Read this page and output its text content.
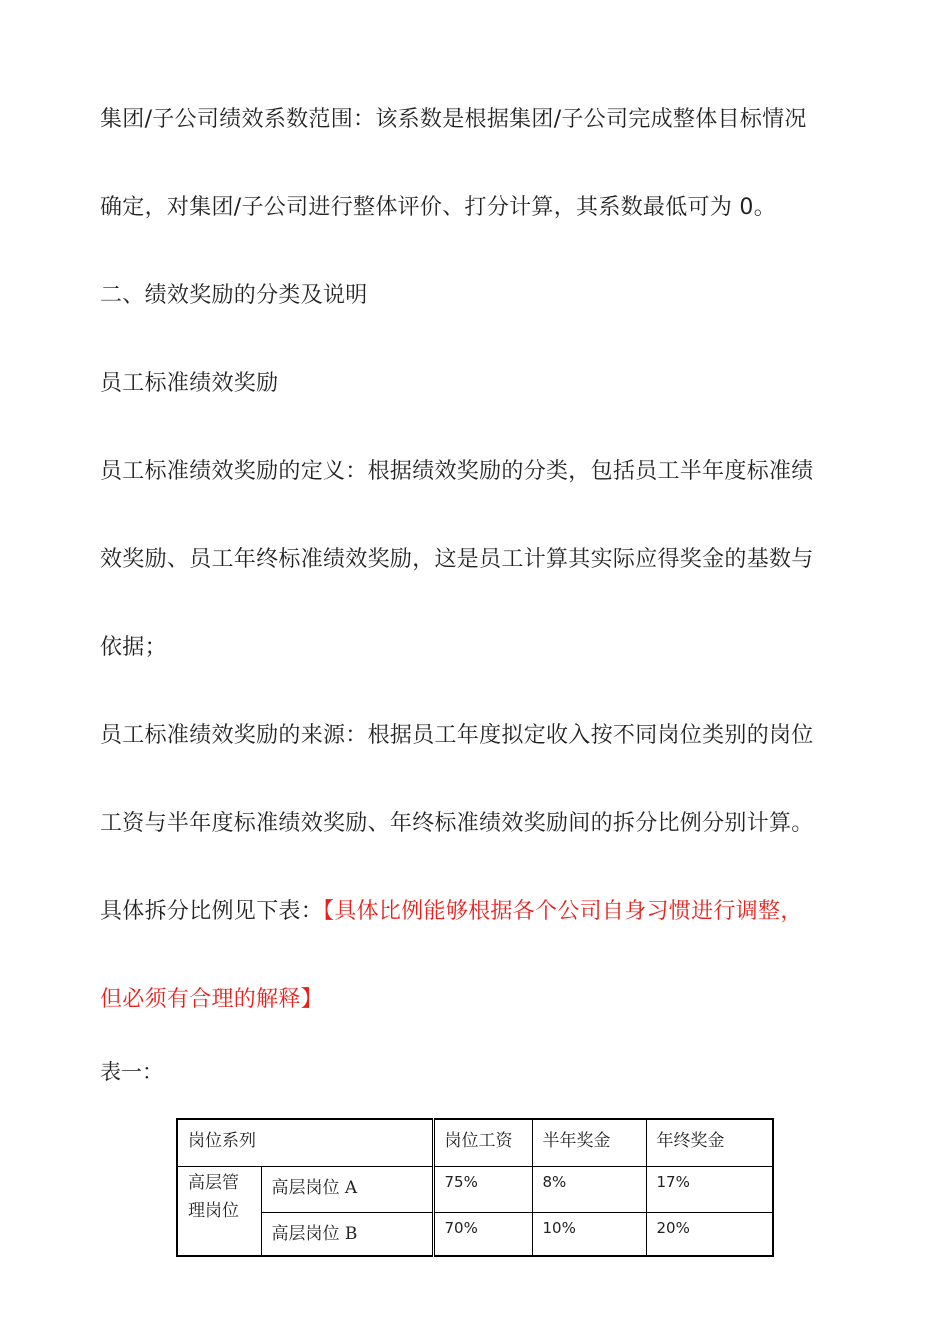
集团/子公司绩效系数范围：该系数是根据集团/子公司完成整体目标情况
确定，对集团/子公司进行整体评价、打分计算，其系数最低可为 0。

二、绩效奖励的分类及说明

员工标准绩效奖励

员工标准绩效奖励的定义：根据绩效奖励的分类，包括员工半年度标准绩
效奖励、员工年终标准绩效奖励，这是员工计算其实际应得奖金的基数与
依据；

员工标准绩效奖励的来源：根据员工年度拟定收入按不同岗位类别的岗位
工资与半年度标准绩效奖励、年终标准绩效奖励间的拆分比例分别计算。

具体拆分比例见下表：【具体比例能够根据各个公司自身习惯进行调整，
但必须有合理的解释】

表一：
岗位系列		岗位工资	半年奖金	年终奖金
高层管理岗位	高层岗位 A	75%	8%	17%
	高层岗位 B	70%	10%	20%
